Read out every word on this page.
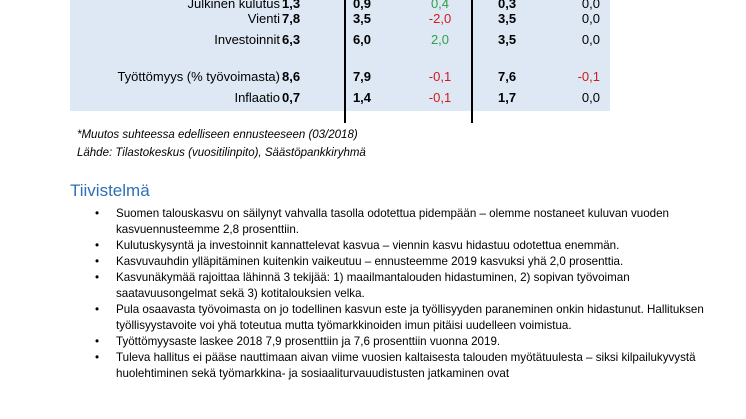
Julkinen kulutus 1,3	0,9	0,4	0,3	0,0
Vienti 7,8	3,5	-2,0	3,5	0,0
Investoinnit 6,3	6,0	2,0	3,5	0,0
Työttömyys (% työvoimasta) 8,6	7,9	-0,1	7,6	-0,1
Inflaatio 0,7	1,4	-0,1	1,7	0,0
*Muutos suhteessa edelliseen ennusteeseen (03/2018)
Lähde: Tilastokeskus (vuositilinpito), Säästöpankkiryhmä
Tiivistelmä
• Suomen talouskasvu on säilynyt vahvalla tasolla odotettua pidempään – olemme nostaneet kuluvan vuoden kasvuennusteemme 2,8 prosenttiin.
• Kulutuskysyntä ja investoinnit kannattelevat kasvua – viennin kasvu hidastuu odotettua enemmän.
• Kasvuvauhdin ylläpitäminen kuitenkin vaikeutuu – ennusteemme 2019 kasvuksi yhä 2,0 prosenttia.
• Kasvunäkymää rajoittaa lähinnä 3 tekijää: 1) maailmantalouden hidastuminen, 2) sopivan työvoiman saatavuusongelmat sekä 3) kotitalouksien velka.
• Pula osaavasta työvoimasta on jo todellinen kasvun este ja työllisyyden paraneminen onkin hidastunut. Hallituksen työllisyystavoite voi yhä toteutua mutta työmarkkinoiden imun pitäisi uudelleen voimistua.
• Työttömyysaste laskee 2018 7,9 prosenttiin ja 7,6 prosenttiin vuonna 2019.
• Tuleva hallitus ei pääse nauttimaan aivan viime vuosien kaltaisesta talouden myötätuulesta – siksi kilpailukyvystä huolehtiminen sekä työmarkkina- ja sosiaaliturvauudistusten jatkaminen ovat
